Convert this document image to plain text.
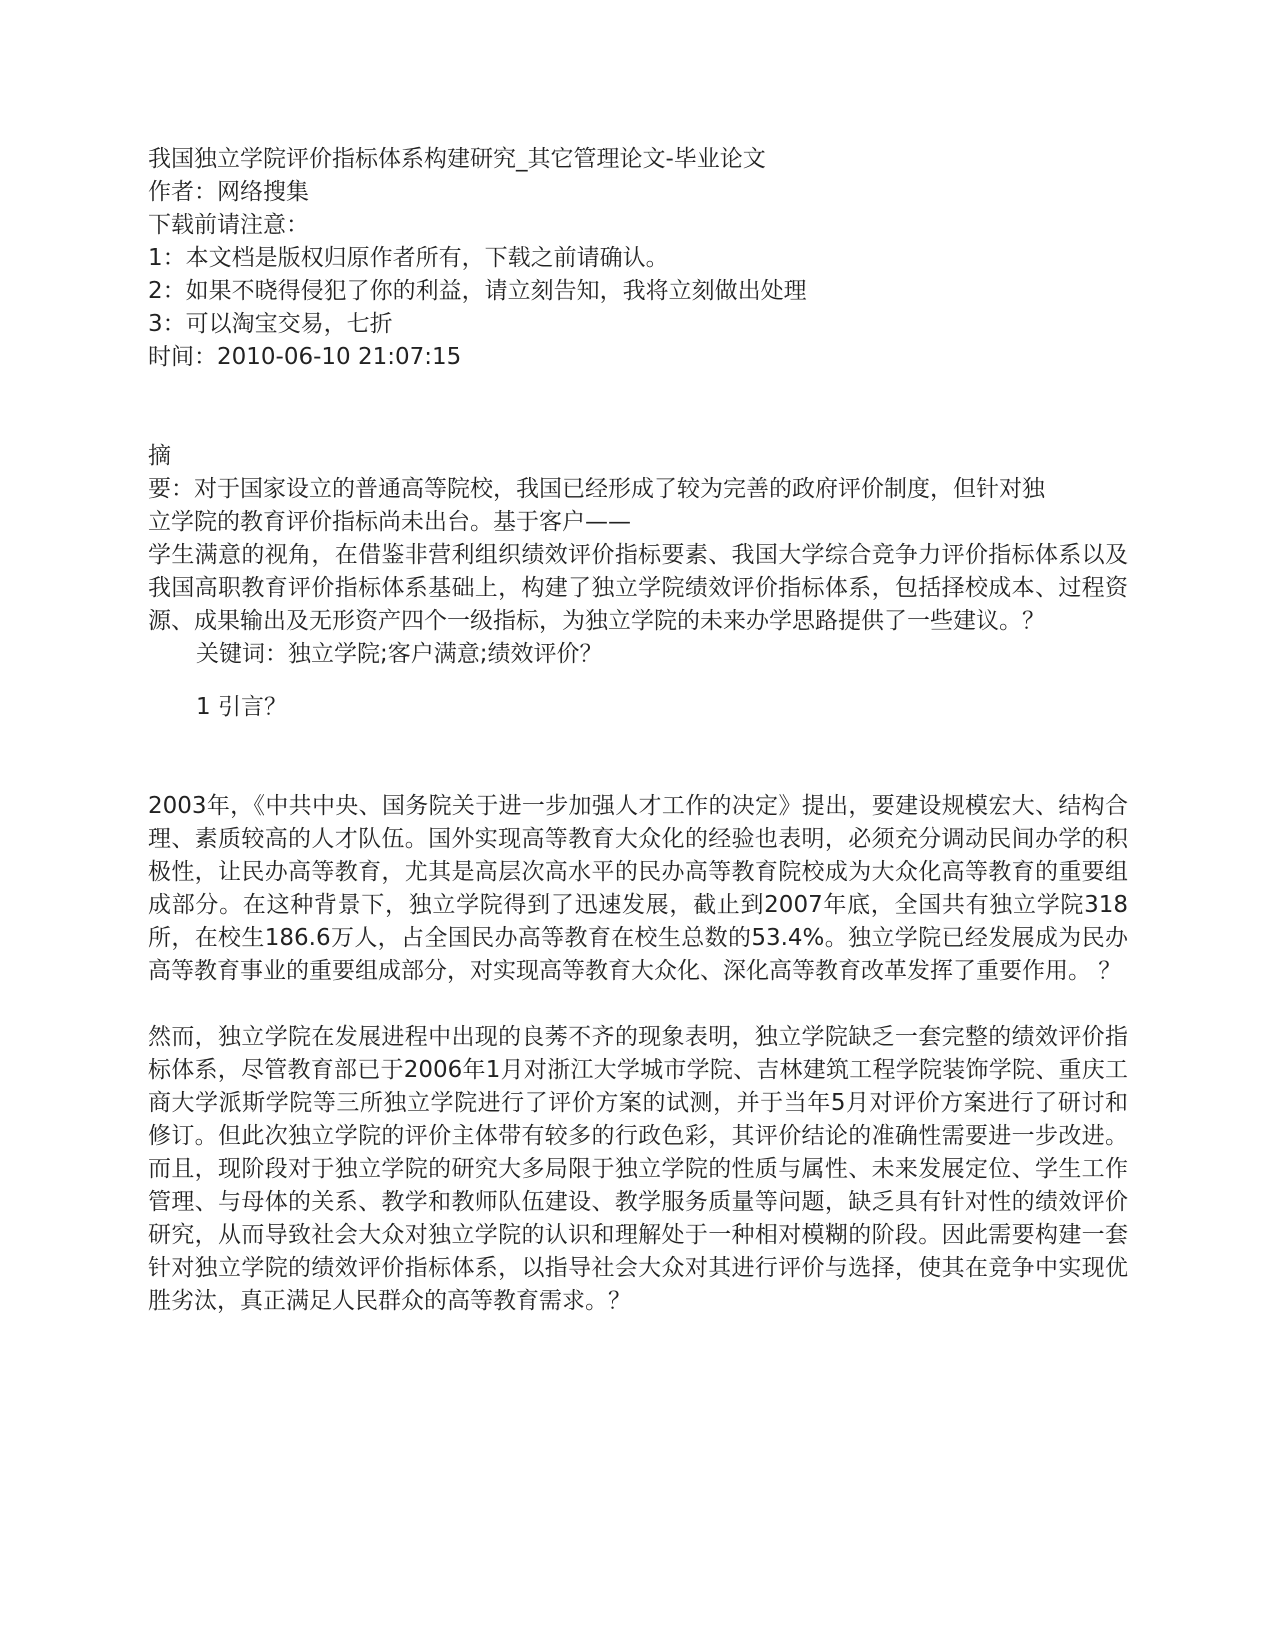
我国独立学院评价指标体系构建研究_其它管理论文-毕业论文

作者：网络搜集

下载前请注意：

1：本文档是版权归原作者所有，下载之前请确认。

2：如果不晓得侵犯了你的利益，请立刻告知，我将立刻做出处理

3：可以淘宝交易，七折

时间：2010-06-10 21:07:15

摘

要：对于国家设立的普通高等院校，我国已经形成了较为完善的政府评价制度，但针对独

立学院的教育评价指标尚未出台。基于客户——

学生满意的视角，在借鉴非营利组织绩效评价指标要素、我国大学综合竞争力评价指标体系以及我国高职教育评价指标体系基础上，构建了独立学院绩效评价指标体系，包括择校成本、过程资源、成果输出及无形资产四个一级指标，为独立学院的未来办学思路提供了一些建议。？

关键词：独立学院;客户满意;绩效评价？

1 引言？

2003年，《中共中央、国务院关于进一步加强人才工作的决定》提出，要建设规模宏大、结构合理、素质较高的人才队伍。国外实现高等教育大众化的经验也表明，必须充分调动民间办学的积极性，让民办高等教育，尤其是高层次高水平的民办高等教育院校成为大众化高等教育的重要组成部分。在这种背景下，独立学院得到了迅速发展，截止到2007年底，全国共有独立学院318所，在校生186.6万人，占全国民办高等教育在校生总数的53.4%。独立学院已经发展成为民办高等教育事业的重要组成部分，对实现高等教育大众化、深化高等教育改革发挥了重要作用。 ？

然而，独立学院在发展进程中出现的良莠不齐的现象表明，独立学院缺乏一套完整的绩效评价指标体系，尽管教育部已于2006年1月对浙江大学城市学院、吉林建筑工程学院装饰学院、重庆工商大学派斯学院等三所独立学院进行了评价方案的试测，并于当年5月对评价方案进行了研讨和修订。但此次独立学院的评价主体带有较多的行政色彩，其评价结论的准确性需要进一步改进。而且，现阶段对于独立学院的研究大多局限于独立学院的性质与属性、未来发展定位、学生工作管理、与母体的关系、教学和教师队伍建设、教学服务质量等问题，缺乏具有针对性的绩效评价研究，从而导致社会大众对独立学院的认识和理解处于一种相对模糊的阶段。因此需要构建一套针对独立学院的绩效评价指标体系，以指导社会大众对其进行评价与选择，使其在竞争中实现优胜劣汰，真正满足人民群众的高等教育需求。？
